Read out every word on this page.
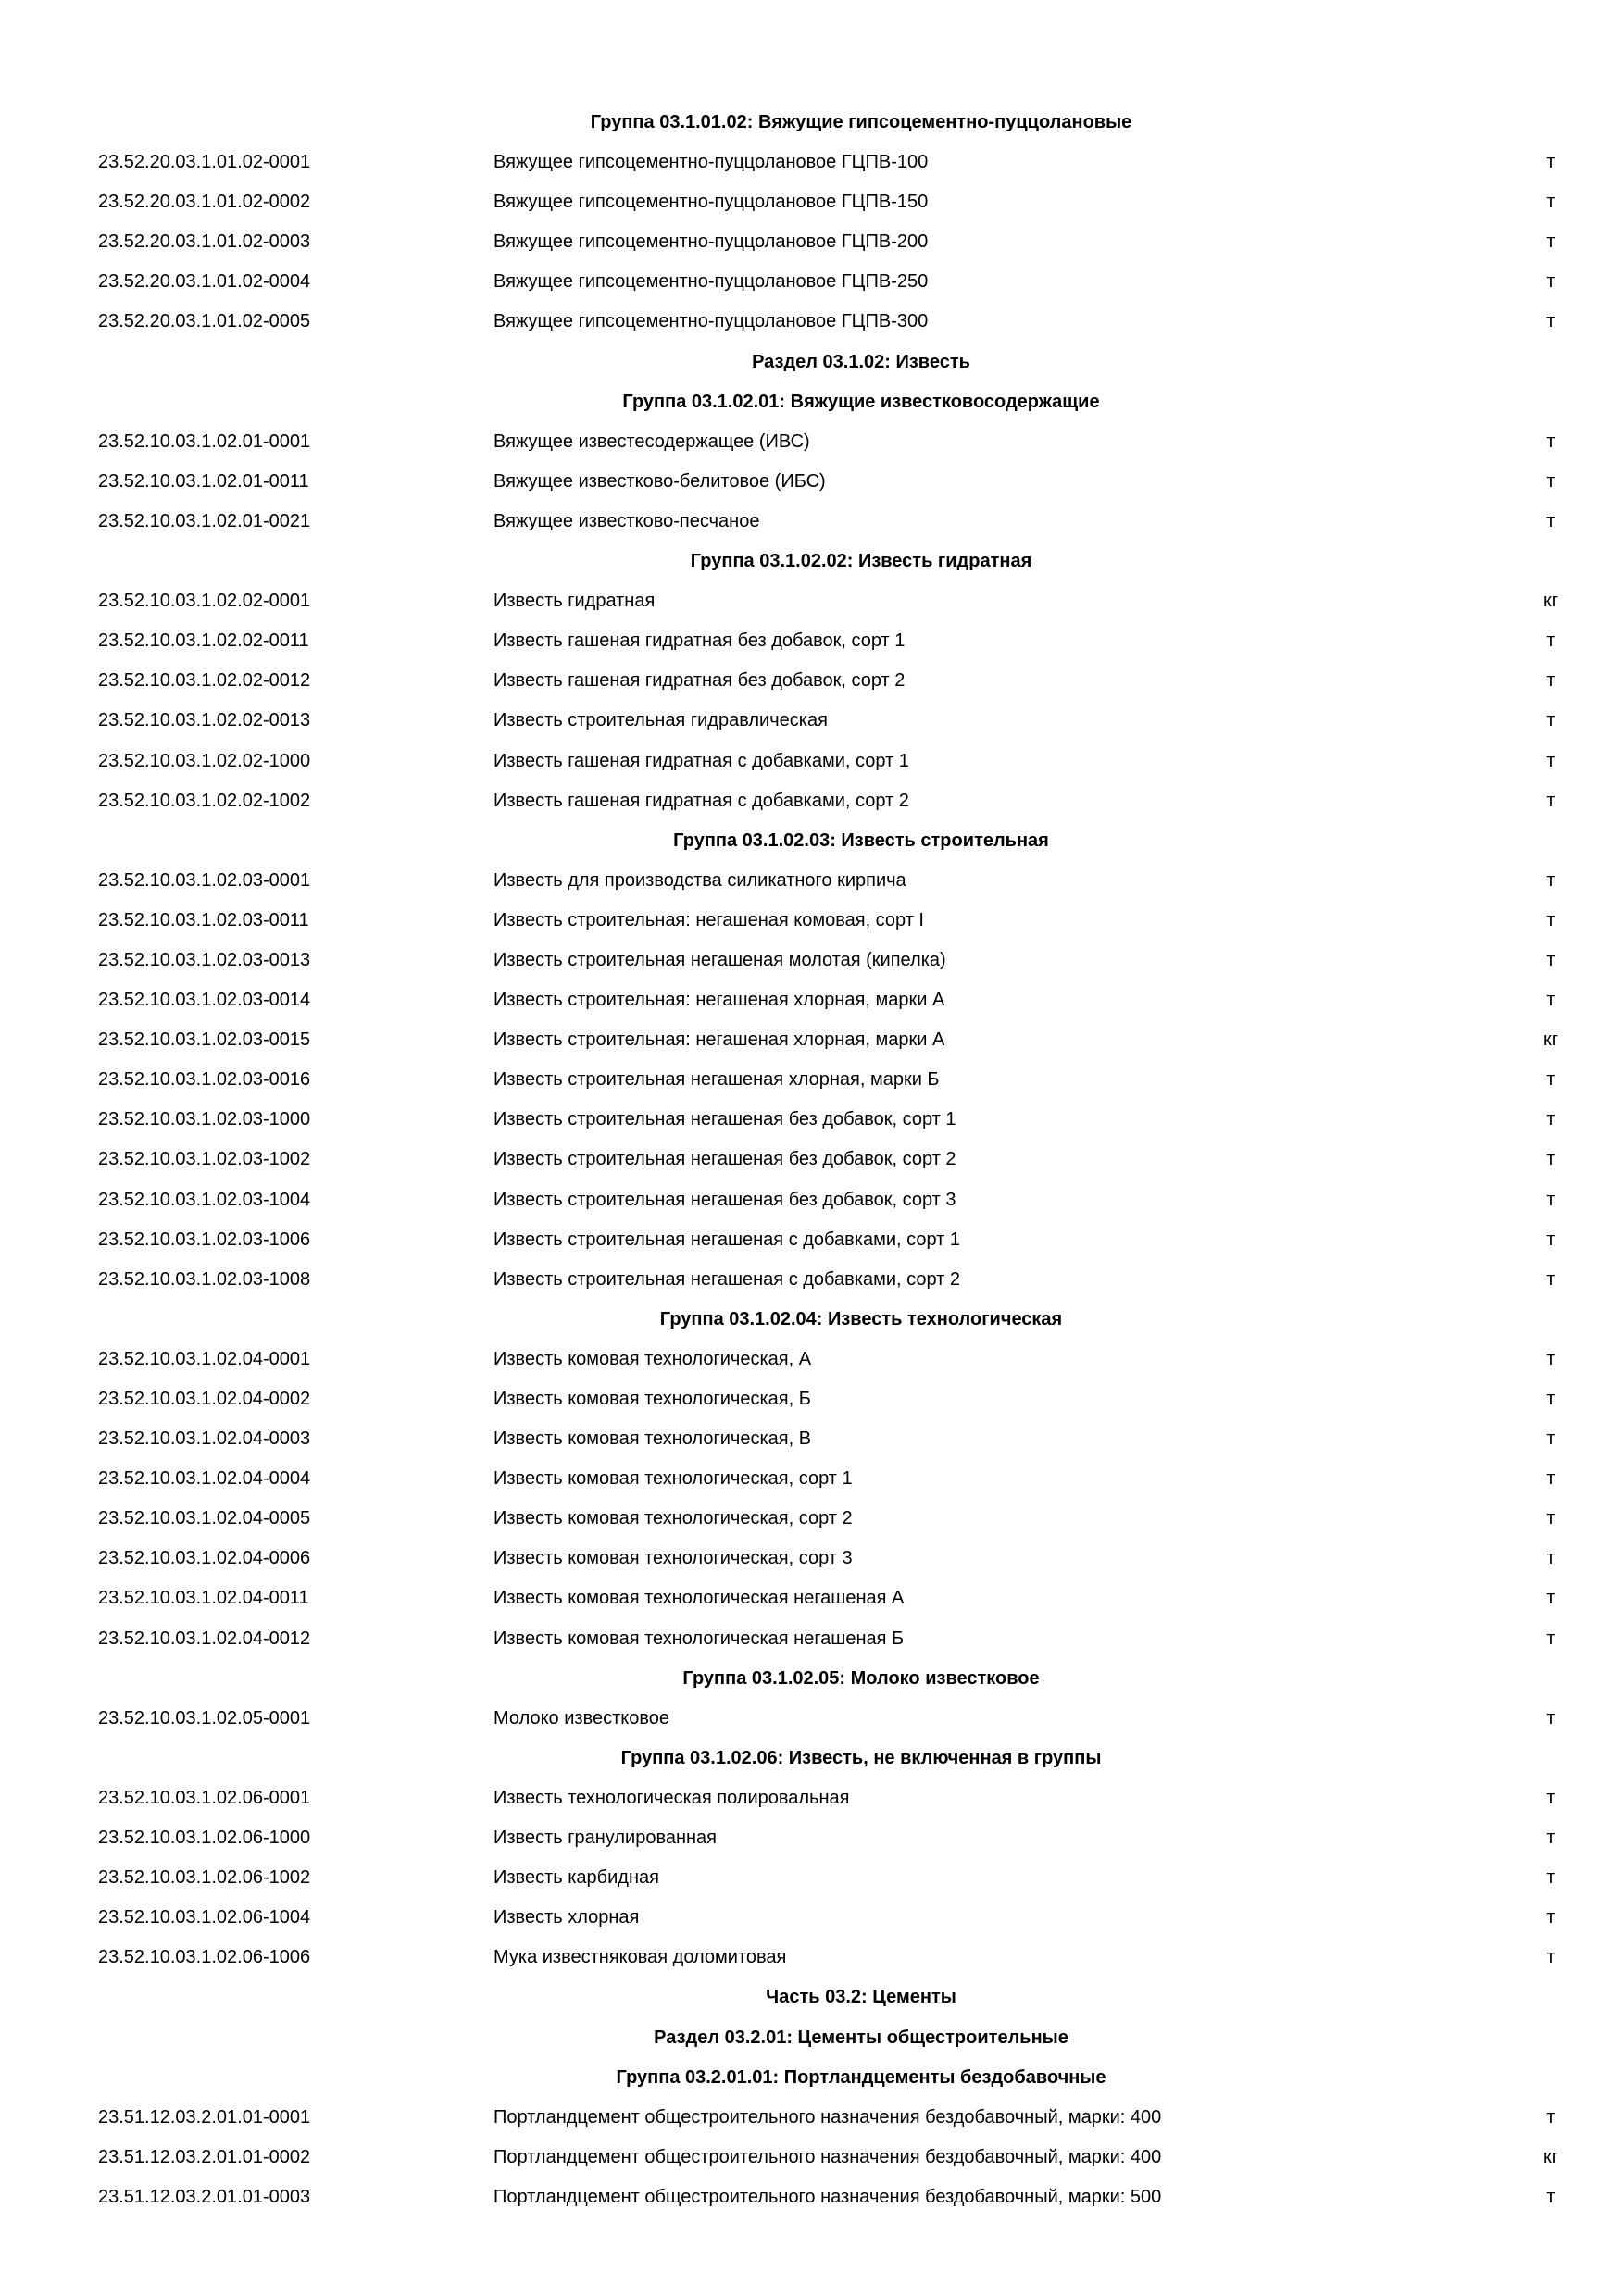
Группа 03.1.01.02: Вяжущие гипсоцементно-пуццолановые
23.52.20.03.1.01.02-0001	Вяжущее гипсоцементно-пуццолановое ГЦПВ-100	т
23.52.20.03.1.01.02-0002	Вяжущее гипсоцементно-пуццолановое ГЦПВ-150	т
23.52.20.03.1.01.02-0003	Вяжущее гипсоцементно-пуццолановое ГЦПВ-200	т
23.52.20.03.1.01.02-0004	Вяжущее гипсоцементно-пуццолановое ГЦПВ-250	т
23.52.20.03.1.01.02-0005	Вяжущее гипсоцементно-пуццолановое ГЦПВ-300	т
Раздел 03.1.02: Известь
Группа 03.1.02.01: Вяжущие известковосодержащие
23.52.10.03.1.02.01-0001	Вяжущее известесодержащее (ИВС)	т
23.52.10.03.1.02.01-0011	Вяжущее известково-белитовое (ИБС)	т
23.52.10.03.1.02.01-0021	Вяжущее известково-песчаное	т
Группа 03.1.02.02: Известь гидратная
23.52.10.03.1.02.02-0001	Известь гидратная	кг
23.52.10.03.1.02.02-0011	Известь гашеная гидратная без добавок, сорт 1	т
23.52.10.03.1.02.02-0012	Известь гашеная гидратная без добавок, сорт 2	т
23.52.10.03.1.02.02-0013	Известь строительная гидравлическая	т
23.52.10.03.1.02.02-1000	Известь гашеная гидратная с добавками, сорт 1	т
23.52.10.03.1.02.02-1002	Известь гашеная гидратная с добавками, сорт 2	т
Группа 03.1.02.03: Известь строительная
23.52.10.03.1.02.03-0001	Известь для производства силикатного кирпича	т
23.52.10.03.1.02.03-0011	Известь строительная: негашеная комовая, сорт I	т
23.52.10.03.1.02.03-0013	Известь строительная негашеная молотая (кипелка)	т
23.52.10.03.1.02.03-0014	Известь строительная: негашеная хлорная, марки А	т
23.52.10.03.1.02.03-0015	Известь строительная: негашеная хлорная, марки А	кг
23.52.10.03.1.02.03-0016	Известь строительная негашеная хлорная, марки Б	т
23.52.10.03.1.02.03-1000	Известь строительная негашеная без добавок, сорт 1	т
23.52.10.03.1.02.03-1002	Известь строительная негашеная без добавок, сорт 2	т
23.52.10.03.1.02.03-1004	Известь строительная негашеная без добавок, сорт 3	т
23.52.10.03.1.02.03-1006	Известь строительная негашеная с добавками, сорт 1	т
23.52.10.03.1.02.03-1008	Известь строительная негашеная с добавками, сорт 2	т
Группа 03.1.02.04: Известь технологическая
23.52.10.03.1.02.04-0001	Известь комовая технологическая, А	т
23.52.10.03.1.02.04-0002	Известь комовая технологическая, Б	т
23.52.10.03.1.02.04-0003	Известь комовая технологическая, В	т
23.52.10.03.1.02.04-0004	Известь комовая технологическая, сорт 1	т
23.52.10.03.1.02.04-0005	Известь комовая технологическая, сорт 2	т
23.52.10.03.1.02.04-0006	Известь комовая технологическая, сорт 3	т
23.52.10.03.1.02.04-0011	Известь комовая технологическая негашеная А	т
23.52.10.03.1.02.04-0012	Известь комовая технологическая негашеная Б	т
Группа 03.1.02.05: Молоко известковое
23.52.10.03.1.02.05-0001	Молоко известковое	т
Группа 03.1.02.06: Известь, не включенная в группы
23.52.10.03.1.02.06-0001	Известь технологическая полировальная	т
23.52.10.03.1.02.06-1000	Известь гранулированная	т
23.52.10.03.1.02.06-1002	Известь карбидная	т
23.52.10.03.1.02.06-1004	Известь хлорная	т
23.52.10.03.1.02.06-1006	Мука известняковая доломитовая	т
Часть 03.2: Цементы
Раздел 03.2.01: Цементы общестроительные
Группа 03.2.01.01: Портландцементы бездобавочные
23.51.12.03.2.01.01-0001	Портландцемент общестроительного назначения бездобавочный, марки: 400	т
23.51.12.03.2.01.01-0002	Портландцемент общестроительного назначения бездобавочный, марки: 400	кг
23.51.12.03.2.01.01-0003	Портландцемент общестроительного назначения бездобавочный, марки: 500	т
